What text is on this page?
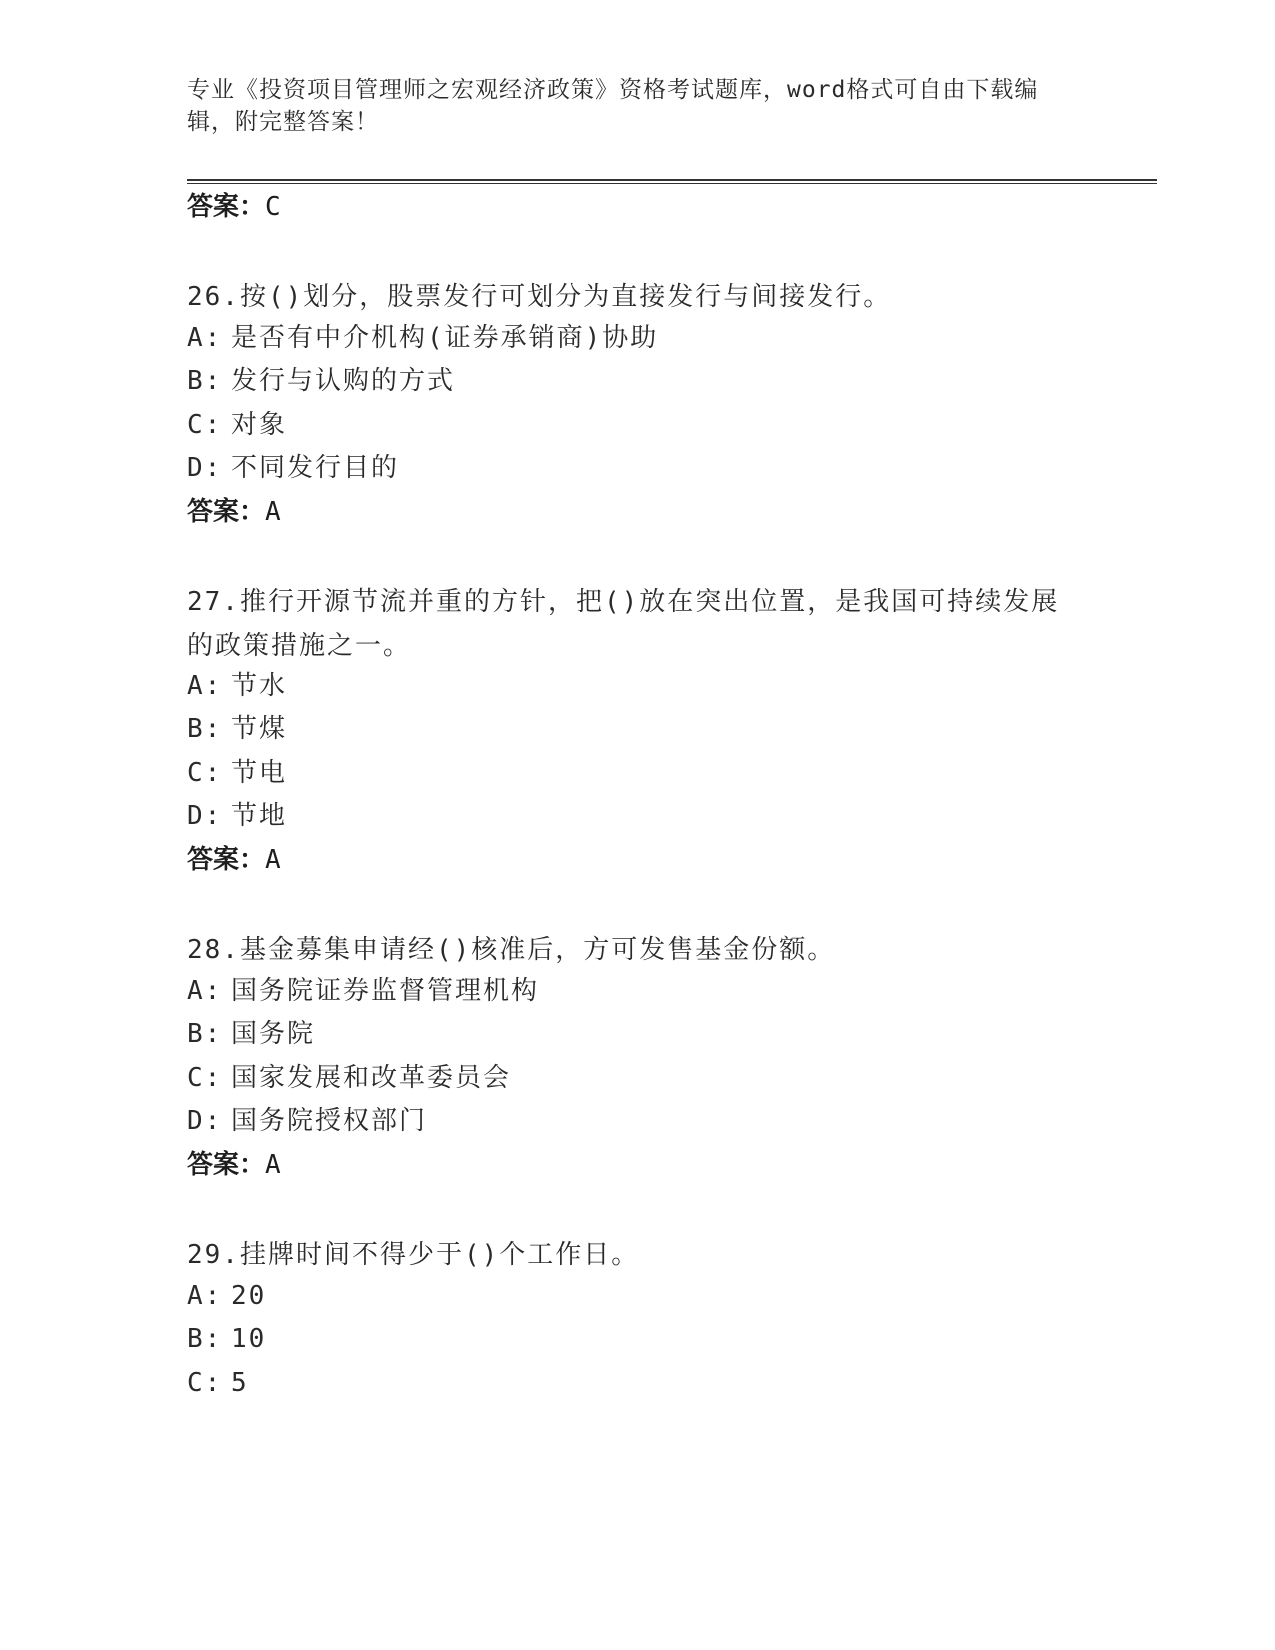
专业《投资项目管理师之宏观经济政策》资格考试题库，word格式可自由下载编辑，附完整答案！
答案：C
26.按()划分，股票发行可划分为直接发行与间接发行。
A: 是否有中介机构(证券承销商)协助
B: 发行与认购的方式
C: 对象
D: 不同发行目的
答案：A
27.推行开源节流并重的方针，把()放在突出位置，是我国可持续发展的政策措施之一。
A: 节水
B: 节煤
C: 节电
D: 节地
答案：A
28.基金募集申请经()核准后，方可发售基金份额。
A: 国务院证券监督管理机构
B: 国务院
C: 国家发展和改革委员会
D: 国务院授权部门
答案：A
29.挂牌时间不得少于()个工作日。
A: 20
B: 10
C: 5
